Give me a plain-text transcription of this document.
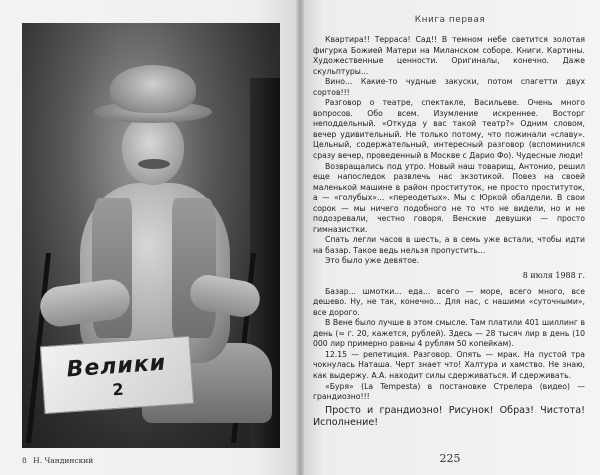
Велики
2
8 Н. Чандинский
Книга первая

Квартира!! Терраса! Сад!! В темном небе светится золотая фигурка Божией Матери на Миланском соборе. Книги. Картины. Художественные ценности. Оригиналы, конечно. Даже скульптуры...

Вино... Какие-то чудные закуски, потом спагетти двух сортов!!!

Разговор о театре, спектакле, Васильеве. Очень много вопросов. Обо всем. Изумление искреннее. Восторг неподдельный. «Откуда у вас такой театр?» Одним словом, вечер удивительный. Не только потому, что пожинали «славу». Цельный, содержательный, интересный разговор (вспоминился сразу вечер, проведенный в Москве с Дарио Фо). Чудесные люди!

Возвращались под утро. Новый наш товарищ, Антонио, решил еще напоследок развлечь нас экзотикой. Повез на своей маленькой машине в район проституток, не просто проституток, а — «голубых»... «переодетых». Мы с Юркой обалдели. В свои сорок — мы ничего подобного не то что не видели, но и не подозревали, честно говоря. Венские девушки — просто гимназистки.

Спать легли часов в шесть, а в семь уже встали, чтобы идти на базар. Такое ведь нельзя пропустить...

Это было уже девятое.

8 июля 1988 г.

Базар... шмотки... еда... всего — море, всего много, все дешево. Ну, не так, конечно... Для нас, с нашими «суточными», все дорого.

В Вене было лучше в этом смысле. Там платили 401 шиллинг в день (≈ г. 20, кажется, рублей). Здесь — 28 тысяч лир в день (10 000 лир примерно равны 4 рублям 50 копейкам).

12.15 — репетиция. Разговор. Опять — мрак. На пустой тра чокнулась Наташа. Черт знает что! Халтура и хамство. Не знаю, как выдержу. А.А. находит силы сдерживаться. И сдерживать.

«Буря» (La Tempesta) в постановке Стрелера (видео) — грандиозно!!!

Просто и грандиозно! Рисунок! Образ! Чистота! Исполнение!

225
